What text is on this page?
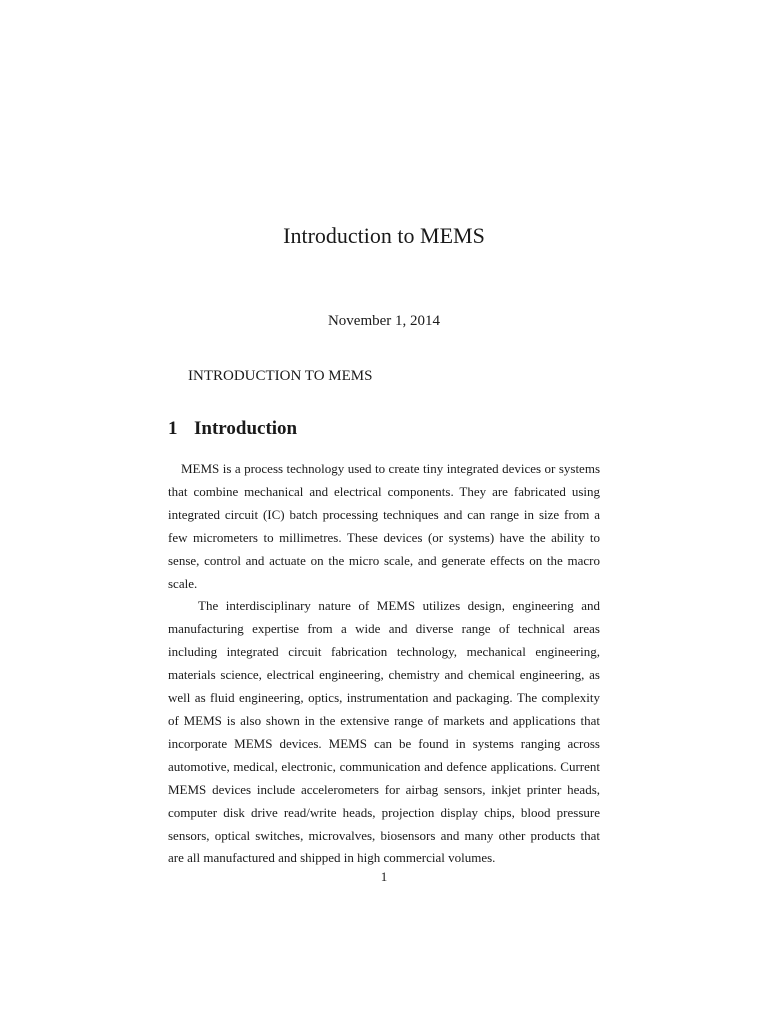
Introduction to MEMS
November 1, 2014
INTRODUCTION TO MEMS
1 Introduction

MEMS is a process technology used to create tiny integrated devices or systems that combine mechanical and electrical components. They are fabricated using integrated circuit (IC) batch processing techniques and can range in size from a few micrometers to millimetres. These devices (or systems) have the ability to sense, control and actuate on the micro scale, and generate effects on the macro scale.

The interdisciplinary nature of MEMS utilizes design, engineering and manufacturing expertise from a wide and diverse range of technical areas including integrated circuit fabrication technology, mechanical engineering, materials science, electrical engineering, chemistry and chemical engineering, as well as fluid engineering, optics, instrumentation and packaging. The complexity of MEMS is also shown in the extensive range of markets and applications that incorporate MEMS devices. MEMS can be found in systems ranging across automotive, medical, electronic, communication and defence applications. Current MEMS devices include accelerometers for airbag sensors, inkjet printer heads, computer disk drive read/write heads, projection display chips, blood pressure sensors, optical switches, microvalves, biosensors and many other products that are all manufactured and shipped in high commercial volumes.

1
